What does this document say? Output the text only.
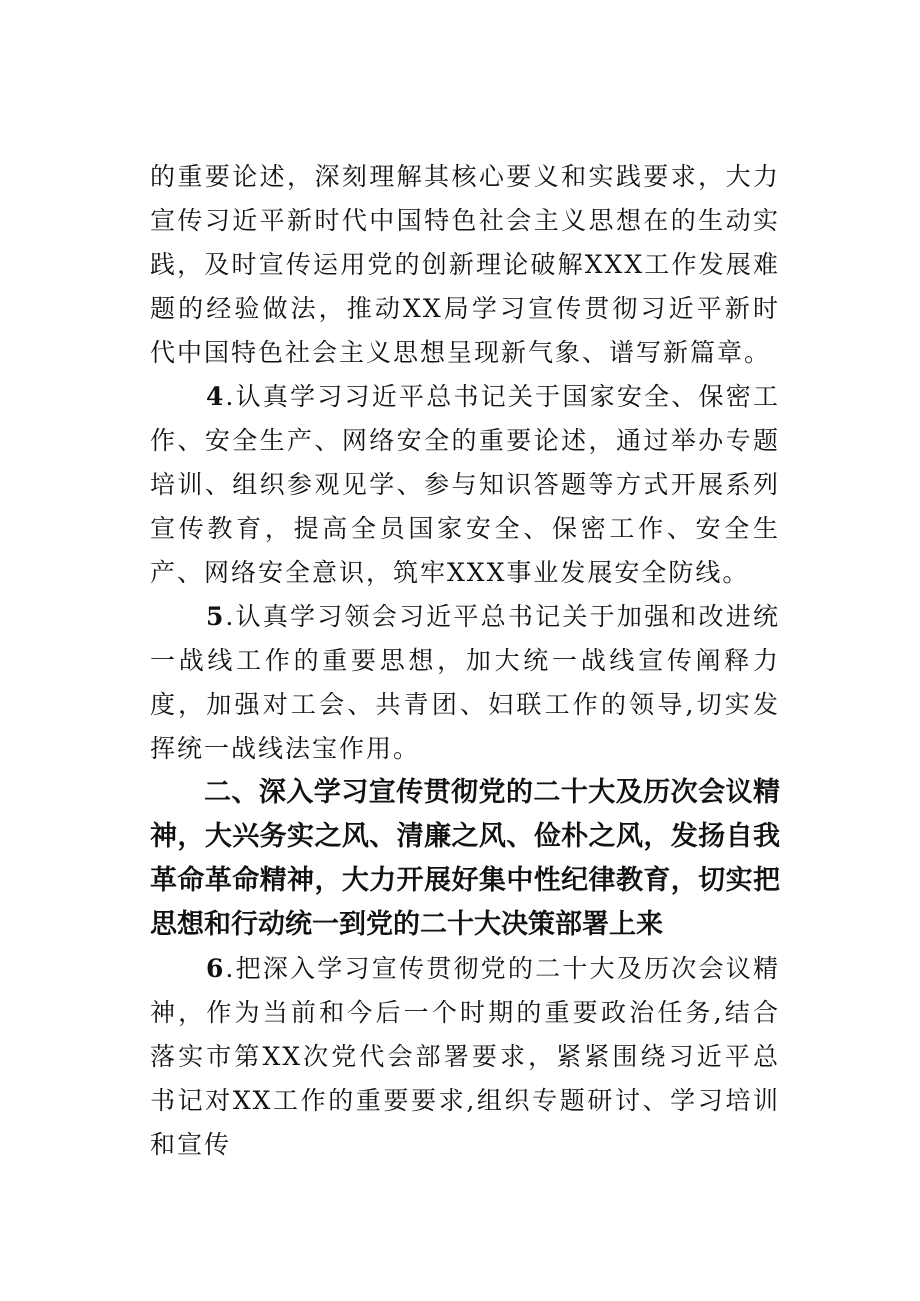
的重要论述，深刻理解其核心要义和实践要求，大力宣传习近平新时代中国特色社会主义思想在的生动实践，及时宣传运用党的创新理论破解XXX工作发展难题的经验做法，推动XX局学习宣传贯彻习近平新时代中国特色社会主义思想呈现新气象、谱写新篇章。

4.认真学习习近平总书记关于国家安全、保密工作、安全生产、网络安全的重要论述，通过举办专题培训、组织参观见学、参与知识答题等方式开展系列宣传教育，提高全员国家安全、保密工作、安全生产、网络安全意识，筑牢XXX事业发展安全防线。

5.认真学习领会习近平总书记关于加强和改进统一战线工作的重要思想，加大统一战线宣传阐释力度，加强对工会、共青团、妇联工作的领导,切实发挥统一战线法宝作用。

二、深入学习宣传贯彻党的二十大及历次会议精神，大兴务实之风、清廉之风、俭朴之风，发扬自我革命革命精神，大力开展好集中性纪律教育，切实把思想和行动统一到党的二十大决策部署上来

6.把深入学习宣传贯彻党的二十大及历次会议精神，作为当前和今后一个时期的重要政治任务,结合落实市第XX次党代会部署要求，紧紧围绕习近平总书记对XX工作的重要要求,组织专题研讨、学习培训和宣传
